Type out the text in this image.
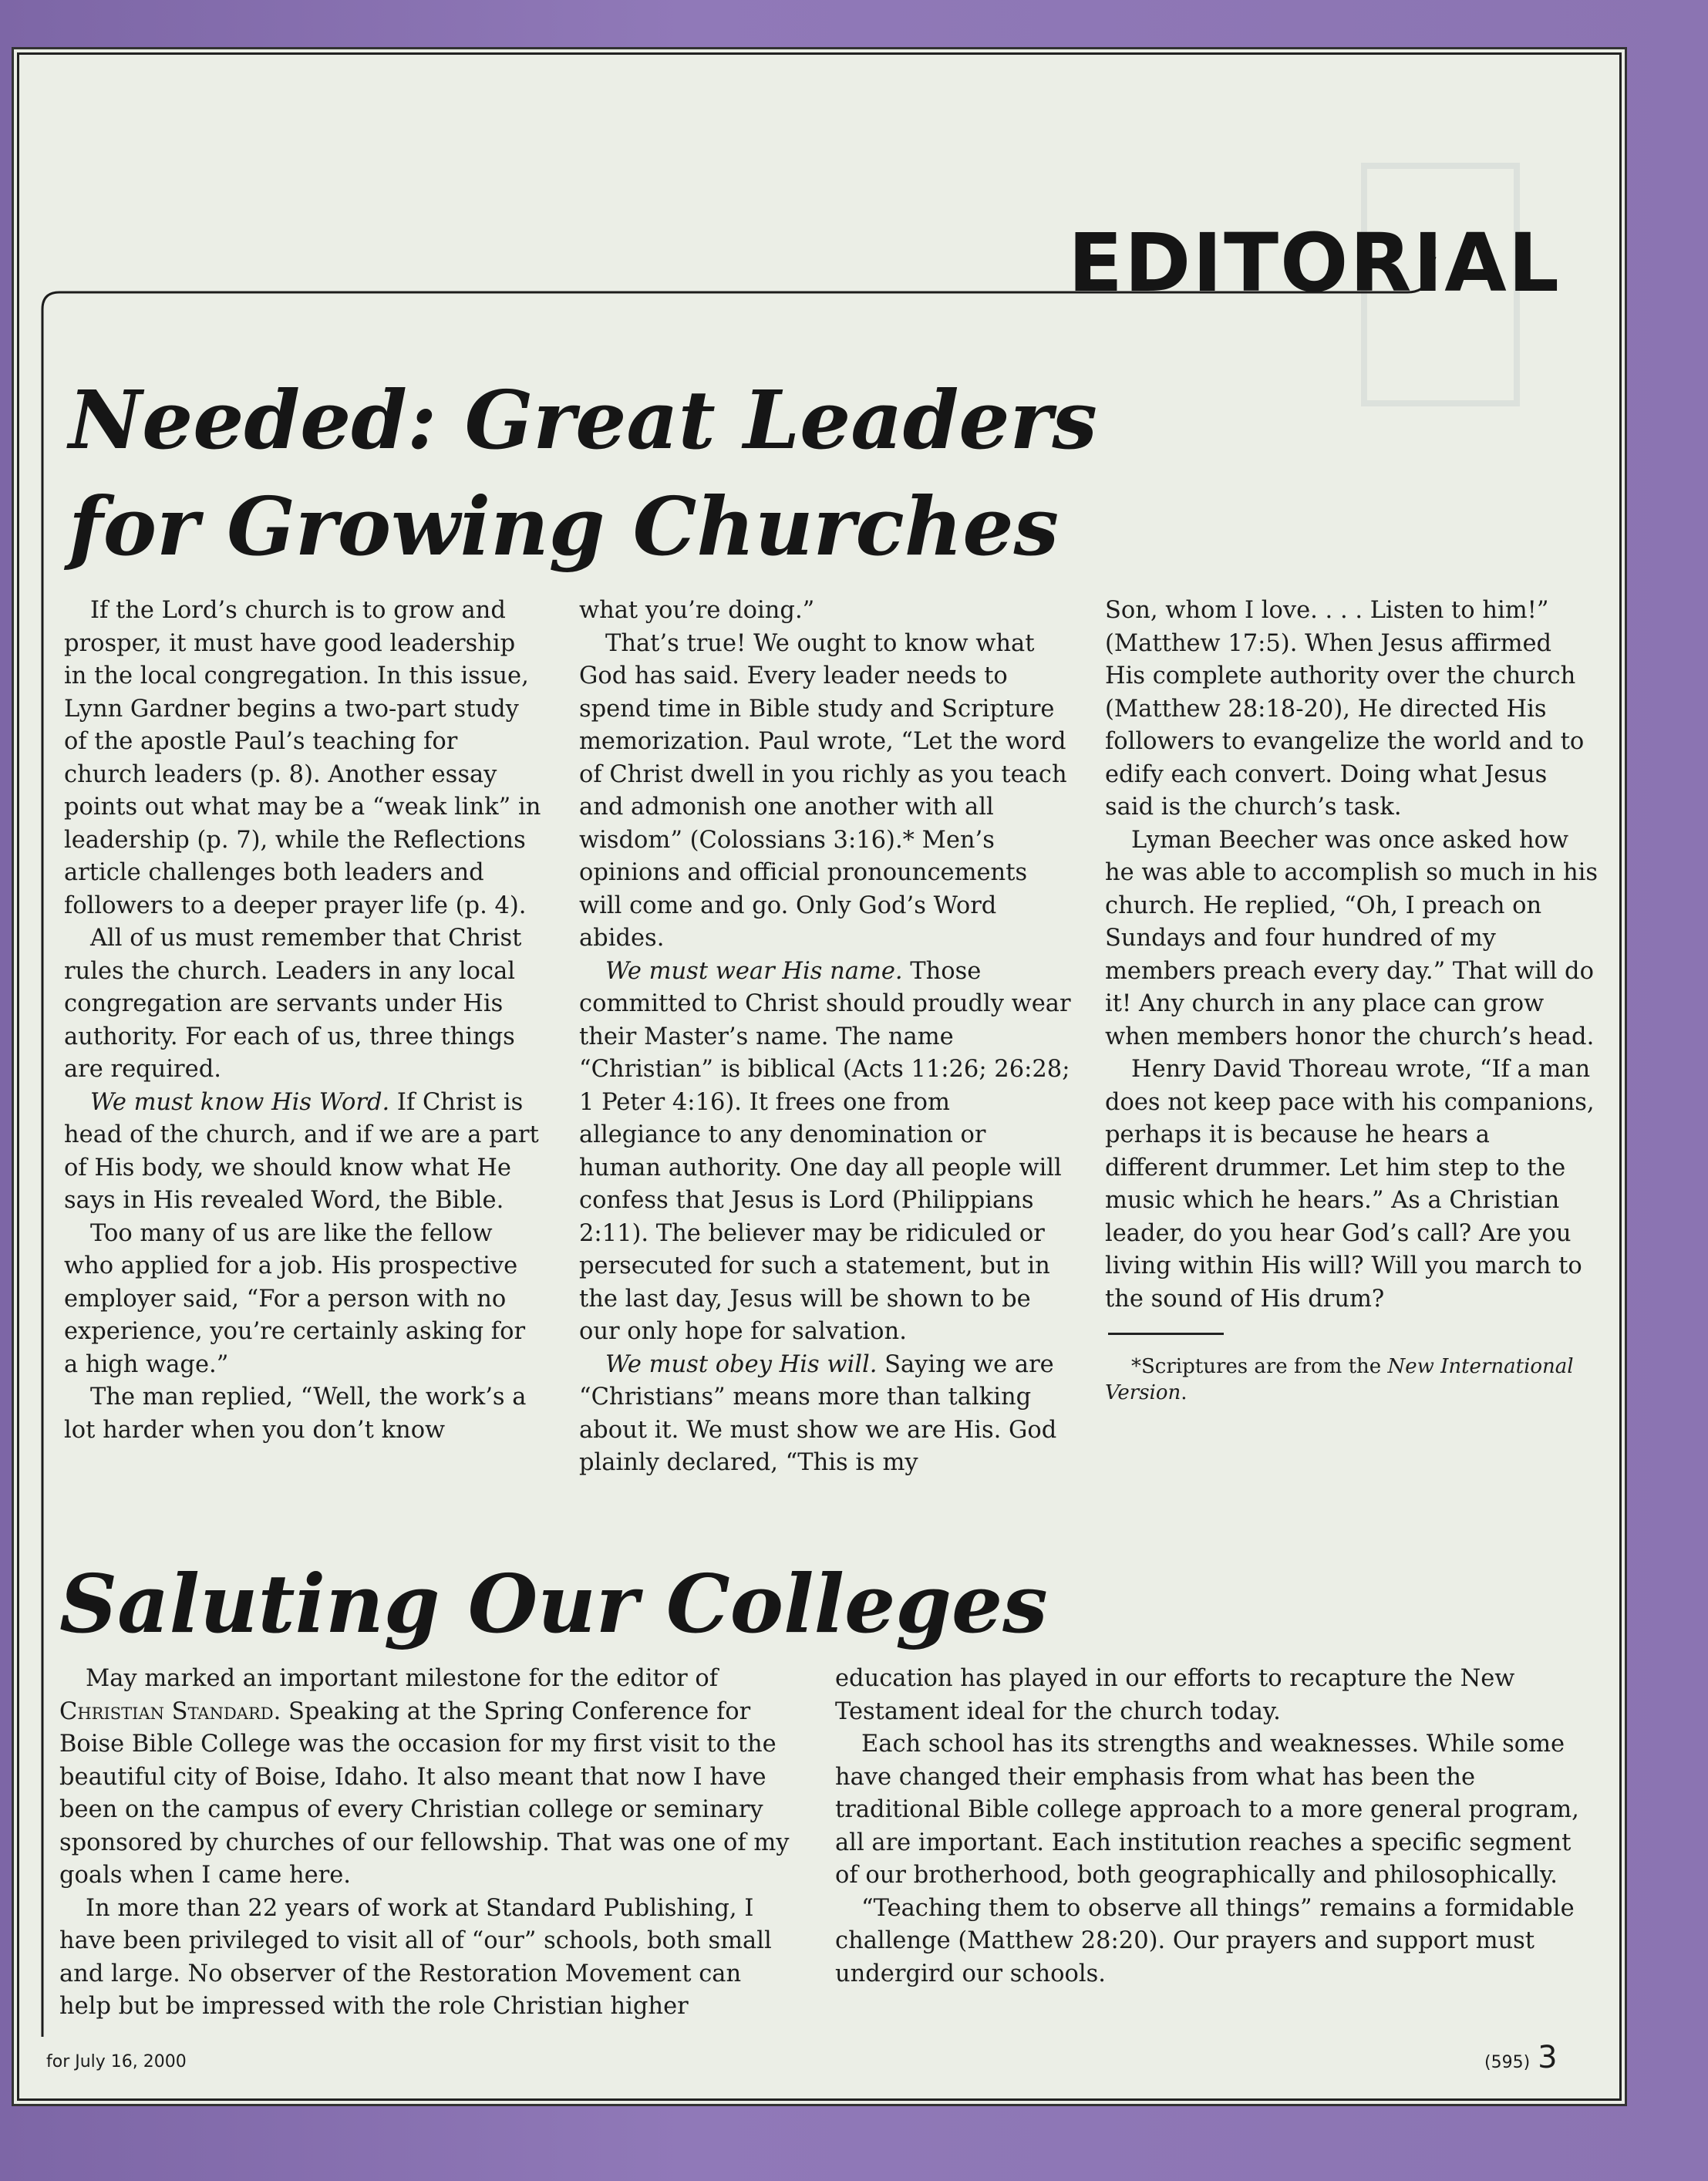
EDITORIAL
Needed: Great Leaders
for Growing Churches

If the Lord’s church is to grow and prosper, it must have good leadership in the local congregation. In this issue, Lynn Gardner begins a two-part study of the apostle Paul’s teaching for church leaders (p. 8). Another essay points out what may be a “weak link” in leadership (p. 7), while the Reflections article challenges both leaders and followers to a deeper prayer life (p. 4).

All of us must remember that Christ rules the church. Leaders in any local congregation are servants under His authority. For each of us, three things are required.

We must know His Word. If Christ is head of the church, and if we are a part of His body, we should know what He says in His revealed Word, the Bible.

Too many of us are like the fellow who applied for a job. His prospective employer said, “For a person with no experience, you’re certainly asking for a high wage.”

The man replied, “Well, the work’s a lot harder when you don’t know

what you’re doing.”

That’s true! We ought to know what God has said. Every leader needs to spend time in Bible study and Scripture memorization. Paul wrote, “Let the word of Christ dwell in you richly as you teach and admonish one another with all wisdom” (Colossians 3:16).* Men’s opinions and official pronouncements will come and go. Only God’s Word abides.

We must wear His name. Those committed to Christ should proudly wear their Master’s name. The name “Christian” is biblical (Acts 11:26; 26:28; 1 Peter 4:16). It frees one from allegiance to any denomination or human authority. One day all people will confess that Jesus is Lord (Philippians 2:11). The believer may be ridiculed or persecuted for such a statement, but in the last day, Jesus will be shown to be our only hope for salvation.

We must obey His will. Saying we are “Christians” means more than talking about it. We must show we are His. God plainly declared, “This is my

Son, whom I love. . . . Listen to him!” (Matthew 17:5). When Jesus affirmed His complete authority over the church (Matthew 28:18-20), He directed His followers to evangelize the world and to edify each convert. Doing what Jesus said is the church’s task.

Lyman Beecher was once asked how he was able to accomplish so much in his church. He replied, “Oh, I preach on Sundays and four hundred of my members preach every day.” That will do it! Any church in any place can grow when members honor the church’s head.

Henry David Thoreau wrote, “If a man does not keep pace with his companions, perhaps it is because he hears a different drummer. Let him step to the music which he hears.” As a Christian leader, do you hear God’s call? Are you living within His will? Will you march to the sound of His drum?

*Scriptures are from the New International Version.

Saluting Our Colleges

May marked an important milestone for the editor of Christian Standard. Speaking at the Spring Conference for Boise Bible College was the occasion for my first visit to the beautiful city of Boise, Idaho. It also meant that now I have been on the campus of every Christian college or seminary sponsored by churches of our fellowship. That was one of my goals when I came here.

In more than 22 years of work at Standard Publishing, I have been privileged to visit all of “our” schools, both small and large. No observer of the Restoration Movement can help but be impressed with the role Christian higher

education has played in our efforts to recapture the New Testament ideal for the church today.

Each school has its strengths and weaknesses. While some have changed their emphasis from what has been the traditional Bible college approach to a more general program, all are important. Each institution reaches a specific segment of our brotherhood, both geographically and philosophically.

“Teaching them to observe all things” remains a formidable challenge (Matthew 28:20). Our prayers and support must undergird our schools.

for July 16, 2000	(595) 3
